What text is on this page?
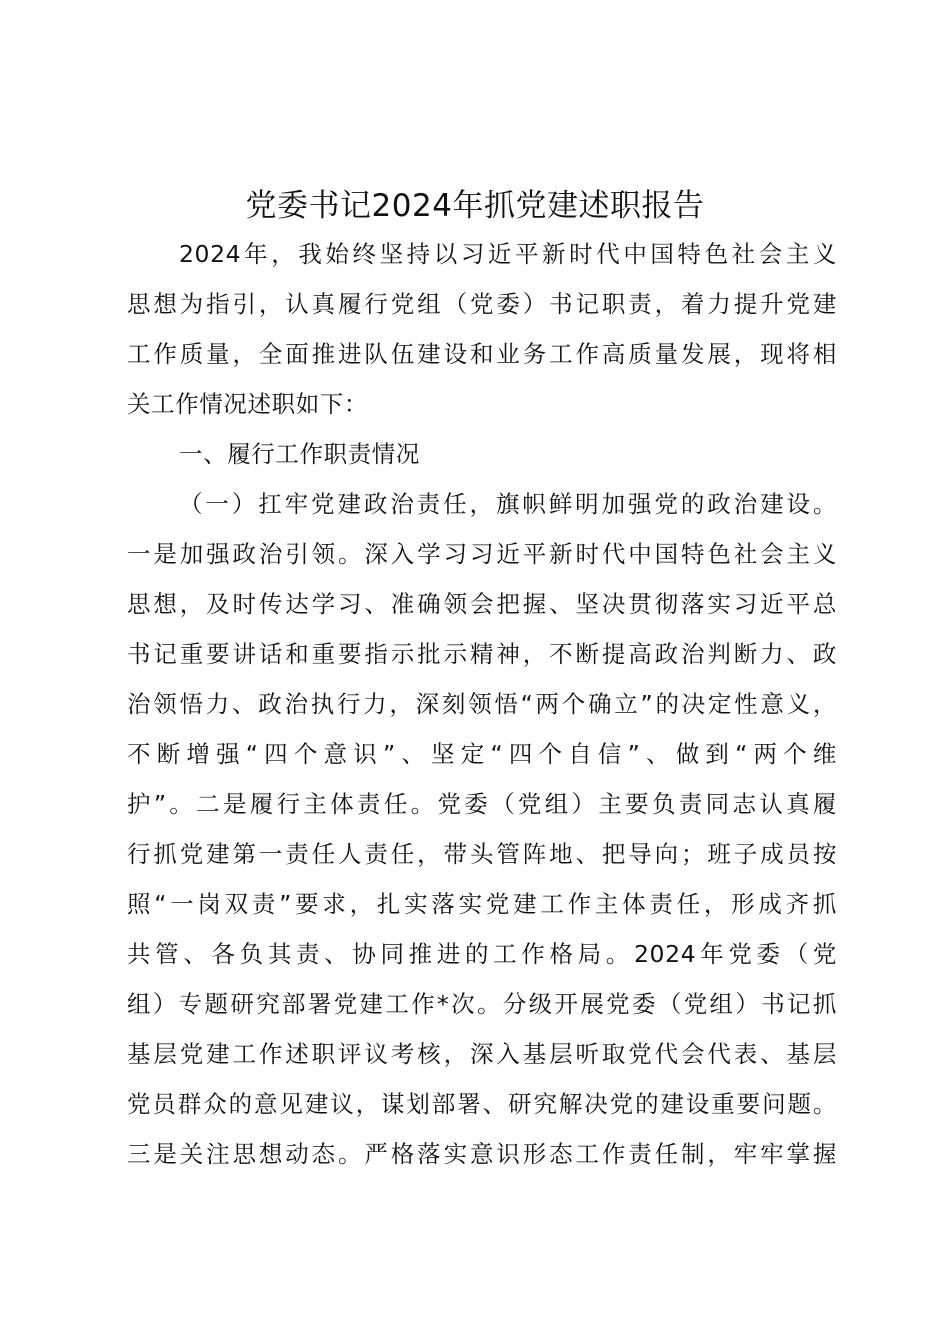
党委书记2024年抓党建述职报告
2024年，我始终坚持以习近平新时代中国特色社会主义
思想为指引，认真履行党组（党委）书记职责，着力提升党建
工作质量，全面推进队伍建设和业务工作高质量发展，现将相
关工作情况述职如下：
一、履行工作职责情况
（一）扛牢党建政治责任，旗帜鲜明加强党的政治建设。
一是加强政治引领。深入学习习近平新时代中国特色社会主义
思想，及时传达学习、准确领会把握、坚决贯彻落实习近平总
书记重要讲话和重要指示批示精神，不断提高政治判断力、政
治领悟力、政治执行力，深刻领悟“两个确立”的决定性意义，
不断增强“四个意识”、坚定“四个自信”、做到“两个维
护”。二是履行主体责任。党委（党组）主要负责同志认真履
行抓党建第一责任人责任，带头管阵地、把导向；班子成员按
照“一岗双责”要求，扎实落实党建工作主体责任，形成齐抓
共管、各负其责、协同推进的工作格局。2024年党委（党
组）专题研究部署党建工作*次。分级开展党委（党组）书记抓
基层党建工作述职评议考核，深入基层听取党代会代表、基层
党员群众的意见建议，谋划部署、研究解决党的建设重要问题。
三是关注思想动态。严格落实意识形态工作责任制，牢牢掌握
